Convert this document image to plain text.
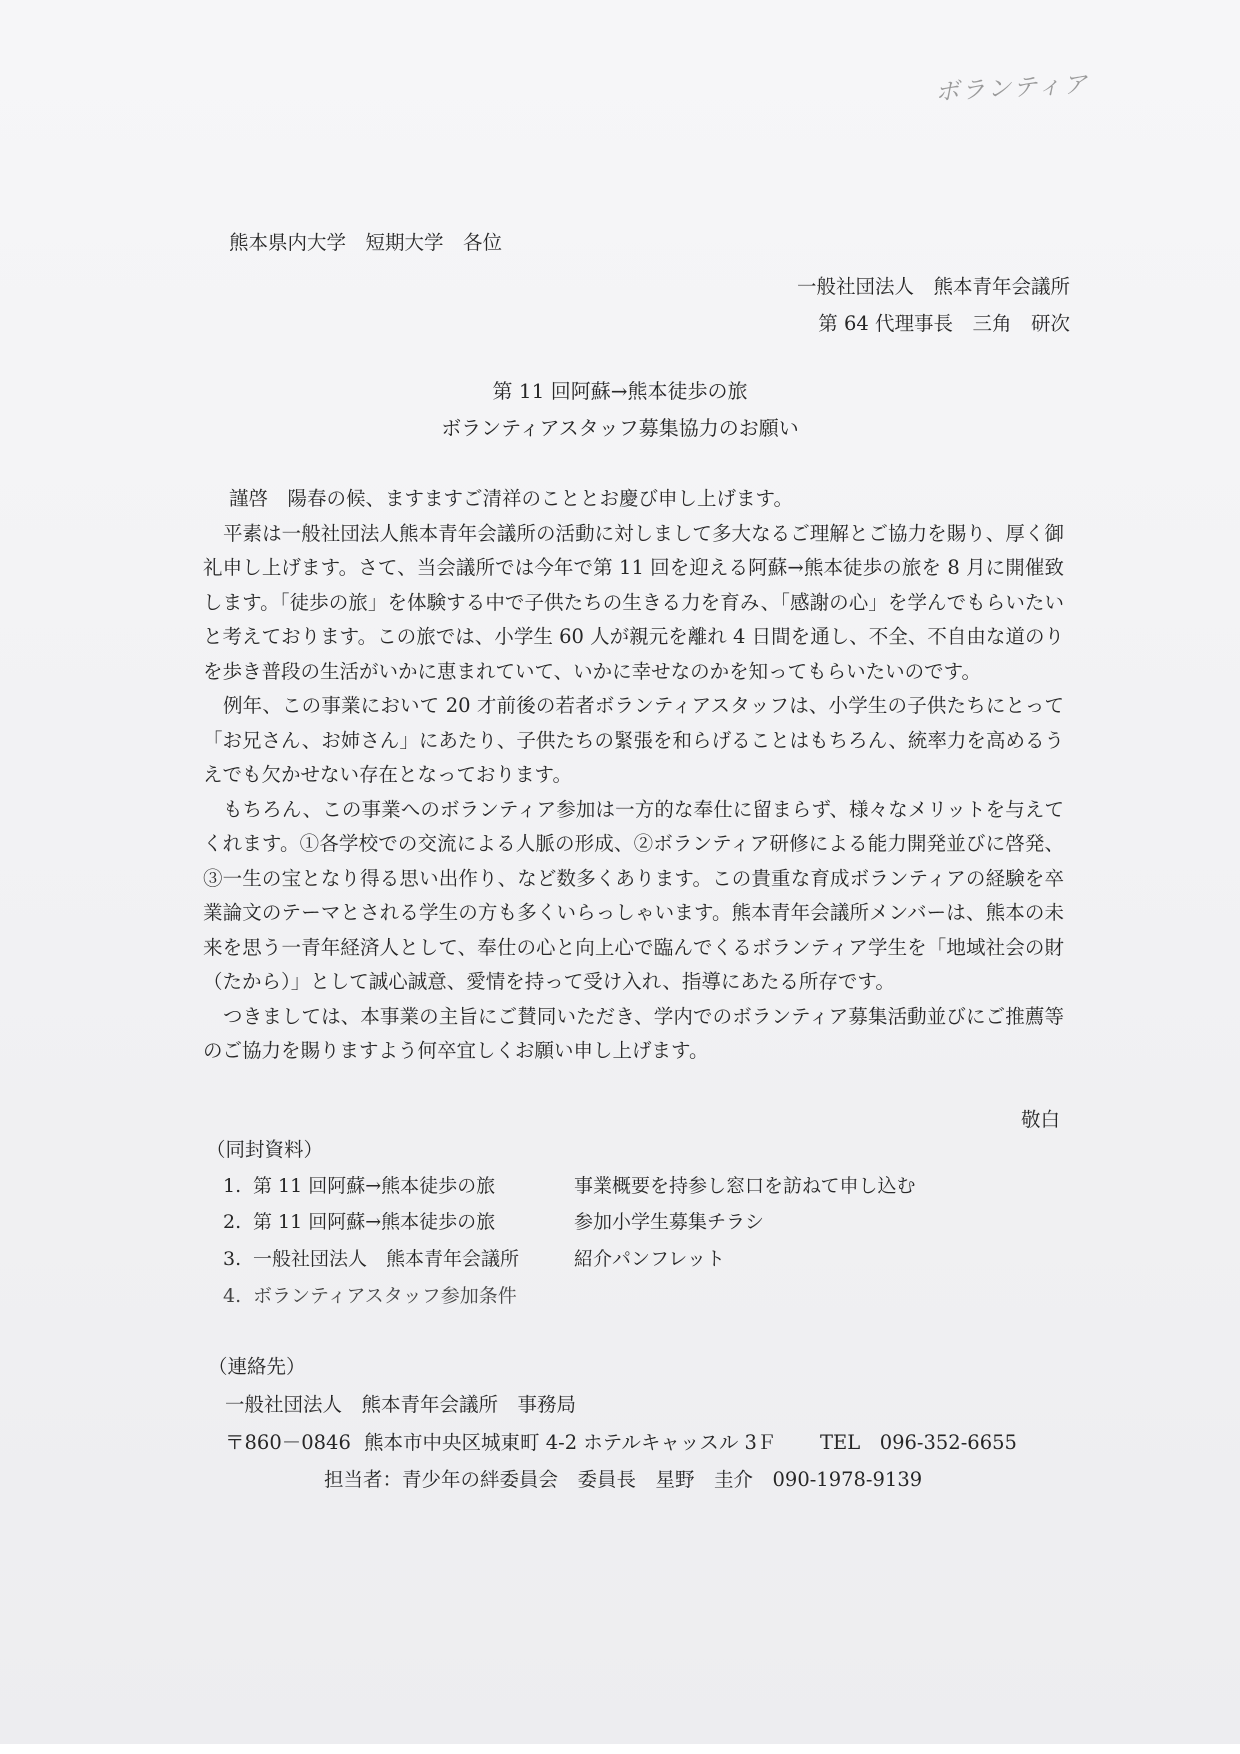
ボランティア
熊本県内大学　短期大学　各位
一般社団法人　熊本青年会議所
第 64 代理事長　三角　研次
第 11 回阿蘇→熊本徒歩の旅
ボランティアスタッフ募集協力のお願い

謹啓　陽春の候、ますますご清祥のこととお慶び申し上げます。

平素は一般社団法人熊本青年会議所の活動に対しまして多大なるご理解とご協力を賜り、厚く御礼申し上げます。さて、当会議所では今年で第 11 回を迎える阿蘇→熊本徒歩の旅を 8 月に開催致します。「徒歩の旅」を体験する中で子供たちの生きる力を育み、「感謝の心」を学んでもらいたいと考えております。この旅では、小学生 60 人が親元を離れ 4 日間を通し、不全、不自由な道のりを歩き普段の生活がいかに恵まれていて、いかに幸せなのかを知ってもらいたいのです。

例年、この事業において 20 才前後の若者ボランティアスタッフは、小学生の子供たちにとって「お兄さん、お姉さん」にあたり、子供たちの緊張を和らげることはもちろん、統率力を高めるうえでも欠かせない存在となっております。

もちろん、この事業へのボランティア参加は一方的な奉仕に留まらず、様々なメリットを与えてくれます。①各学校での交流による人脈の形成、②ボランティア研修による能力開発並びに啓発、③一生の宝となり得る思い出作り、など数多くあります。この貴重な育成ボランティアの経験を卒業論文のテーマとされる学生の方も多くいらっしゃいます。熊本青年会議所メンバーは、熊本の未来を思う一青年経済人として、奉仕の心と向上心で臨んでくるボランティア学生を「地域社会の財（たから）」として誠心誠意、愛情を持って受け入れ、指導にあたる所存です。

つきましては、本事業の主旨にご賛同いただき、学内でのボランティア募集活動並びにご推薦等のご協力を賜りますよう何卒宜しくお願い申し上げます。

敬白
（同封資料）
1. 第 11 回阿蘇→熊本徒歩の旅	事業概要を持参し窓口を訪ねて申し込む
2. 第 11 回阿蘇→熊本徒歩の旅	参加小学生募集チラシ
3. 一般社団法人　熊本青年会議所	紹介パンフレット
4. ボランティアスタッフ参加条件
（連絡先）
一般社団法人　熊本青年会議所　事務局
〒860－0846 熊本市中央区城東町 4-2 ホテルキャッスル 3Ｆ TEL　096-352-6655
担当者：青少年の絆委員会　委員長　星野　圭介　090-1978-9139
